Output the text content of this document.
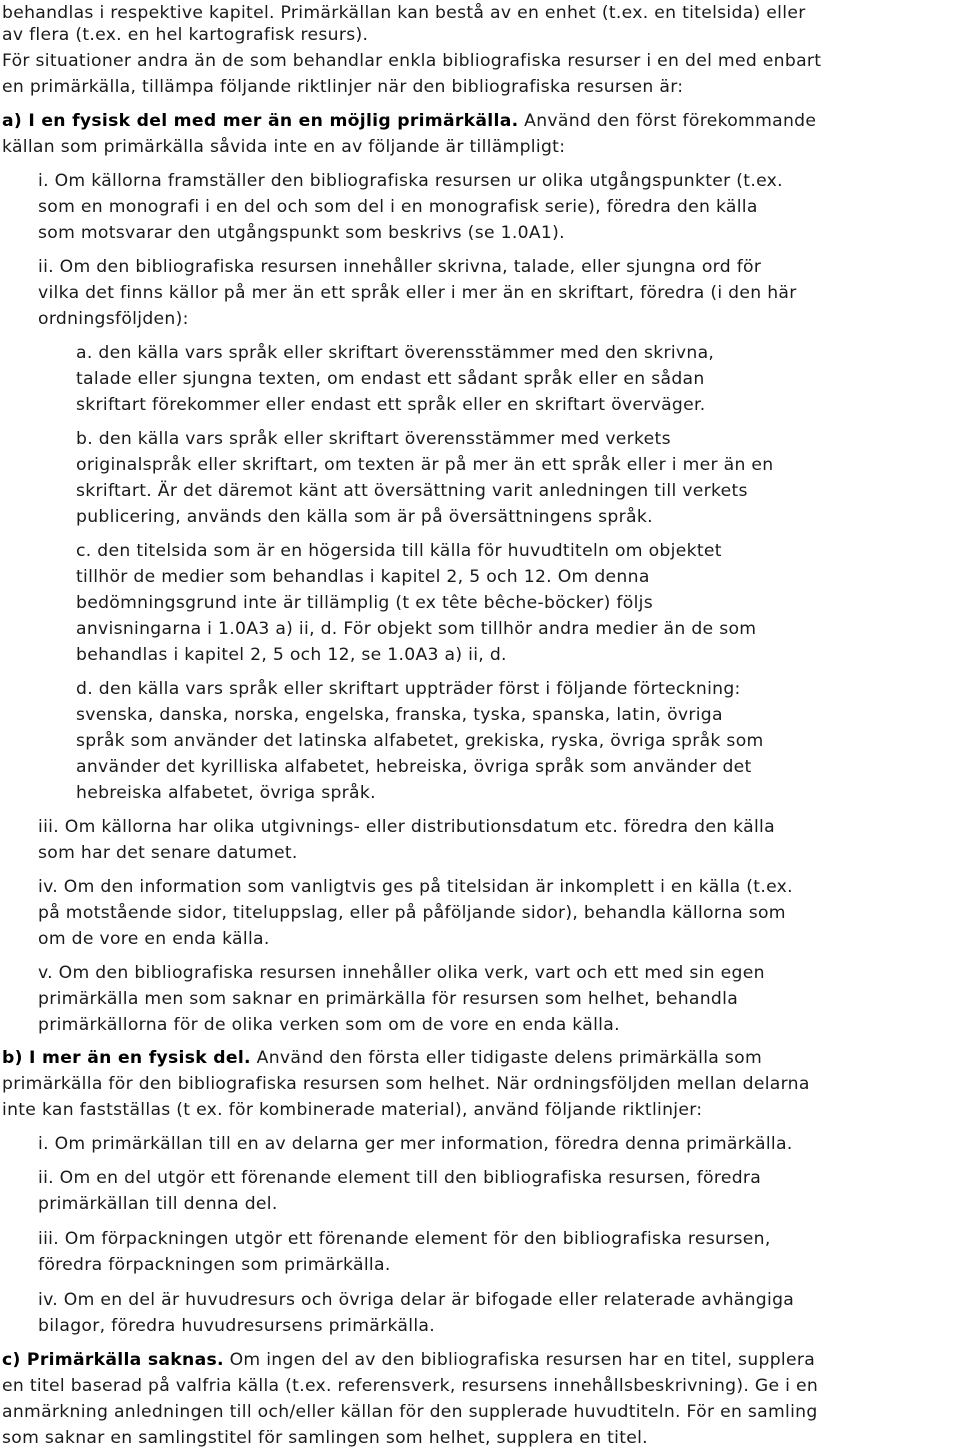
behandlas i respektive kapitel. Primärkällan kan bestå av en enhet (t.ex. en titelsida) eller
av flera (t.ex. en hel kartografisk resurs).
För situationer andra än de som behandlar enkla bibliografiska resurser i en del med enbart
en primärkälla, tillämpa följande riktlinjer när den bibliografiska resursen är:
a) I en fysisk del med mer än en möjlig primärkälla. Använd den först förekommande
källan som primärkälla såvida inte en av följande är tillämpligt:
i. Om källorna framställer den bibliografiska resursen ur olika utgångspunkter (t.ex.
som en monografi i en del och som del i en monografisk serie), föredra den källa
som motsvarar den utgångspunkt som beskrivs (se 1.0A1).
ii. Om den bibliografiska resursen innehåller skrivna, talade, eller sjungna ord för
vilka det finns källor på mer än ett språk eller i mer än en skriftart, föredra (i den här
ordningsföljden):
a. den källa vars språk eller skriftart överensstämmer med den skrivna,
talade eller sjungna texten, om endast ett sådant språk eller en sådan
skriftart förekommer eller endast ett språk eller en skriftart överväger.
b. den källa vars språk eller skriftart överensstämmer med verkets
originalspråk eller skriftart, om texten är på mer än ett språk eller i mer än en
skriftart. Är det däremot känt att översättning varit anledningen till verkets
publicering, används den källa som är på översättningens språk.
c. den titelsida som är en högersida till källa för huvudtiteln om objektet
tillhör de medier som behandlas i kapitel 2, 5 och 12. Om denna
bedömningsgrund inte är tillämplig (t ex tête bêche-böcker) följs
anvisningarna i 1.0A3 a) ii, d. För objekt som tillhör andra medier än de som
behandlas i kapitel 2, 5 och 12, se 1.0A3 a) ii, d.
d. den källa vars språk eller skriftart uppträder först i följande förteckning:
svenska, danska, norska, engelska, franska, tyska, spanska, latin, övriga
språk som använder det latinska alfabetet, grekiska, ryska, övriga språk som
använder det kyrilliska alfabetet, hebreiska, övriga språk som använder det
hebreiska alfabetet, övriga språk.
iii. Om källorna har olika utgivnings- eller distributionsdatum etc. föredra den källa
som har det senare datumet.
iv. Om den information som vanligtvis ges på titelsidan är inkomplett i en källa (t.ex.
på motstående sidor, titeluppslag, eller på påföljande sidor), behandla källorna som
om de vore en enda källa.
v. Om den bibliografiska resursen innehåller olika verk, vart och ett med sin egen
primärkälla men som saknar en primärkälla för resursen som helhet, behandla
primärkällorna för de olika verken som om de vore en enda källa.
b) I mer än en fysisk del. Använd den första eller tidigaste delens primärkälla som
primärkälla för den bibliografiska resursen som helhet. När ordningsföljden mellan delarna
inte kan fastställas (t ex. för kombinerade material), använd följande riktlinjer:
i. Om primärkällan till en av delarna ger mer information, föredra denna primärkälla.
ii. Om en del utgör ett förenande element till den bibliografiska resursen, föredra
primärkällan till denna del.
iii. Om förpackningen utgör ett förenande element för den bibliografiska resursen,
föredra förpackningen som primärkälla.
iv. Om en del är huvudresurs och övriga delar är bifogade eller relaterade avhängiga
bilagor, föredra huvudresursens primärkälla.
c) Primärkälla saknas. Om ingen del av den bibliografiska resursen har en titel, supplera
en titel baserad på valfria källa (t.ex. referensverk, resursens innehållsbeskrivning). Ge i en
anmärkning anledningen till och/eller källan för den supplerade huvudtiteln. För en samling
som saknar en samlingstitel för samlingen som helhet, supplera en titel.
